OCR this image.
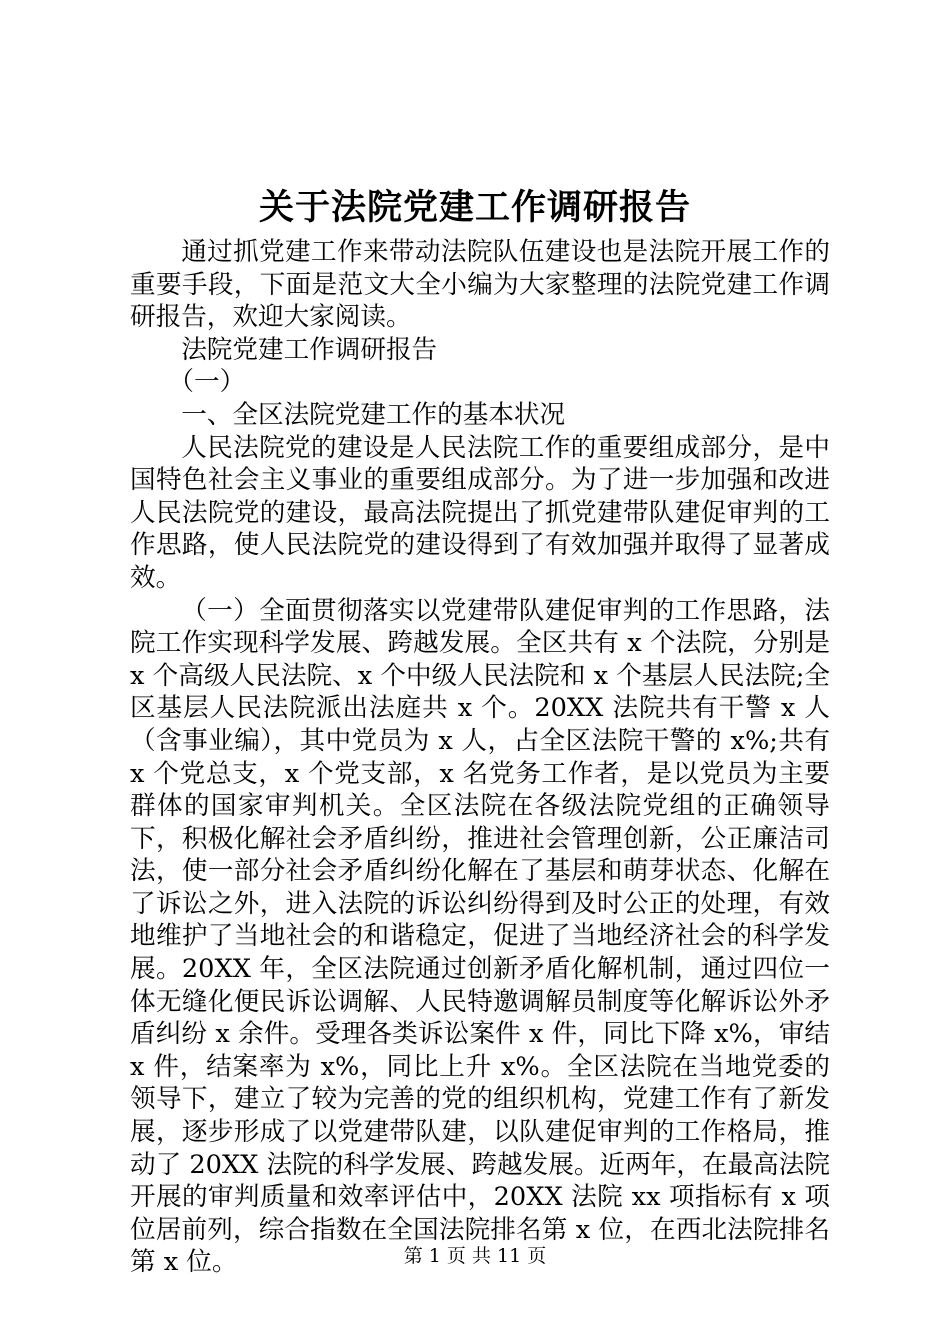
关于法院党建工作调研报告

通过抓党建工作来带动法院队伍建设也是法院开展工作的重要手段，下面是范文大全小编为大家整理的法院党建工作调研报告，欢迎大家阅读。

法院党建工作调研报告

（一）

一、全区法院党建工作的基本状况

人民法院党的建设是人民法院工作的重要组成部分，是中国特色社会主义事业的重要组成部分。为了进一步加强和改进人民法院党的建设，最高法院提出了抓党建带队建促审判的工作思路，使人民法院党的建设得到了有效加强并取得了显著成效。

（一）全面贯彻落实以党建带队建促审判的工作思路，法院工作实现科学发展、跨越发展。全区共有 x 个法院，分别是 x 个高级人民法院、x 个中级人民法院和 x 个基层人民法院;全区基层人民法院派出法庭共 x 个。20XX 法院共有干警 x 人（含事业编），其中党员为 x 人，占全区法院干警的 x%;共有 x 个党总支，x 个党支部，x 名党务工作者，是以党员为主要群体的国家审判机关。全区法院在各级法院党组的正确领导下，积极化解社会矛盾纠纷，推进社会管理创新，公正廉洁司法，使一部分社会矛盾纠纷化解在了基层和萌芽状态、化解在了诉讼之外，进入法院的诉讼纠纷得到及时公正的处理，有效地维护了当地社会的和谐稳定，促进了当地经济社会的科学发展。20XX 年，全区法院通过创新矛盾化解机制，通过四位一体无缝化便民诉讼调解、人民特邀调解员制度等化解诉讼外矛盾纠纷 x 余件。受理各类诉讼案件 x 件，同比下降 x%，审结 x 件，结案率为 x%，同比上升 x%。全区法院在当地党委的领导下，建立了较为完善的党的组织机构，党建工作有了新发展，逐步形成了以党建带队建，以队建促审判的工作格局，推动了 20XX 法院的科学发展、跨越发展。近两年，在最高法院开展的审判质量和效率评估中，20XX 法院 xx 项指标有 x 项位居前列，综合指数在全国法院排名第 x 位，在西北法院排名第 x 位。	第 1 页 共 11 页
